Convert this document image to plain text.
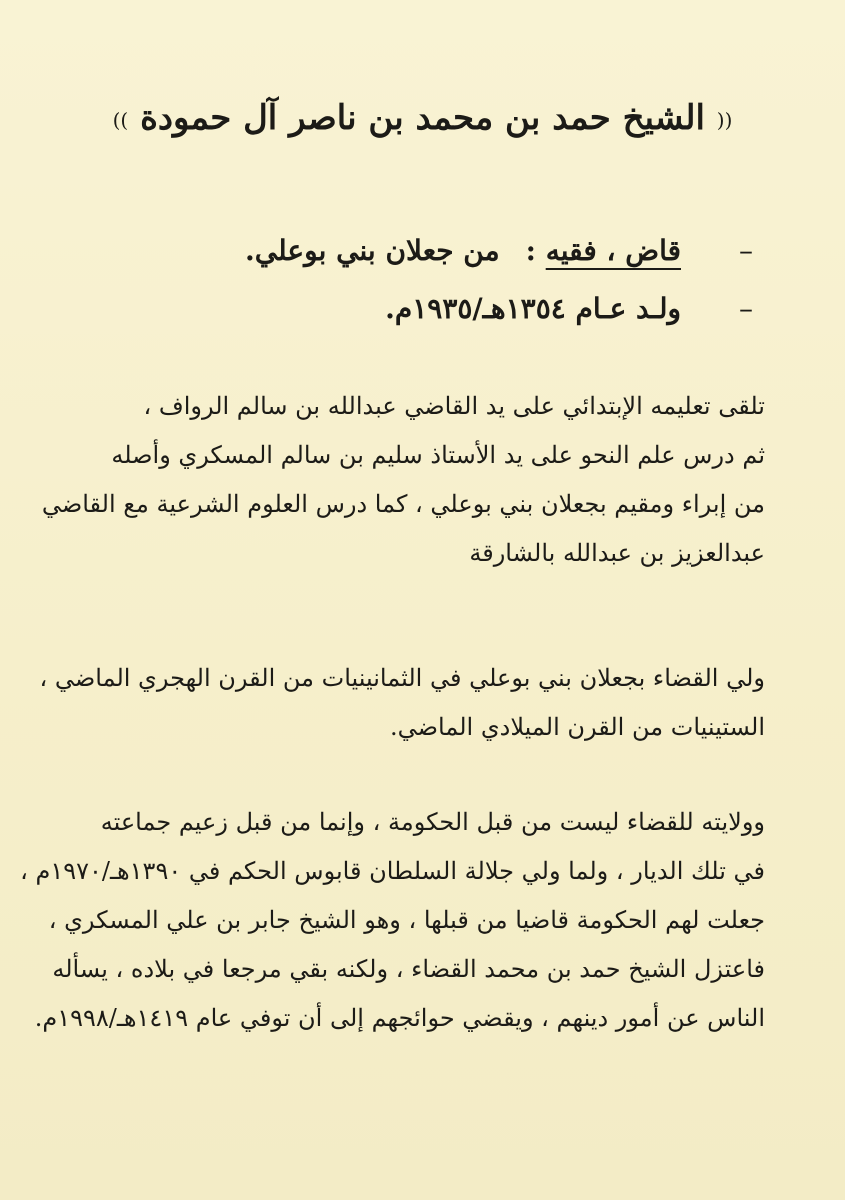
(( الشيخ حمد بن محمد بن ناصر آل حمودة ))
–قاض ، فقيه :من جعلان بني بوعلي.
–ولـد عـام ١٣٥٤هـ/١٩٣٥م.
تلقى تعليمه الإبتدائي على يد القاضي عبدالله بن سالم الرواف ،
ثم درس علم النحو على يد الأستاذ سليم بن سالم المسكري وأصله
من إبراء ومقيم بجعلان بني بوعلي ، كما درس العلوم الشرعية مع القاضي
عبدالعزيز بن عبدالله بالشارقة
ولي القضاء بجعلان بني بوعلي في الثمانينيات من القرن الهجري الماضي ،
الستينيات من القرن الميلادي الماضي.
وولايته للقضاء ليست من قبل الحكومة ، وإنما من قبل زعيم جماعته
في تلك الديار ، ولما ولي جلالة السلطان قابوس الحكم في ١٣٩٠هـ/١٩٧٠م ،
جعلت لهم الحكومة قاضيا من قبلها ، وهو الشيخ جابر بن علي المسكري ،
فاعتزل الشيخ حمد بن محمد القضاء ، ولكنه بقي مرجعا في بلاده ، يسأله
الناس عن أمور دينهم ، ويقضي حوائجهم إلى أن توفي عام ١٤١٩هـ/١٩٩٨م.
